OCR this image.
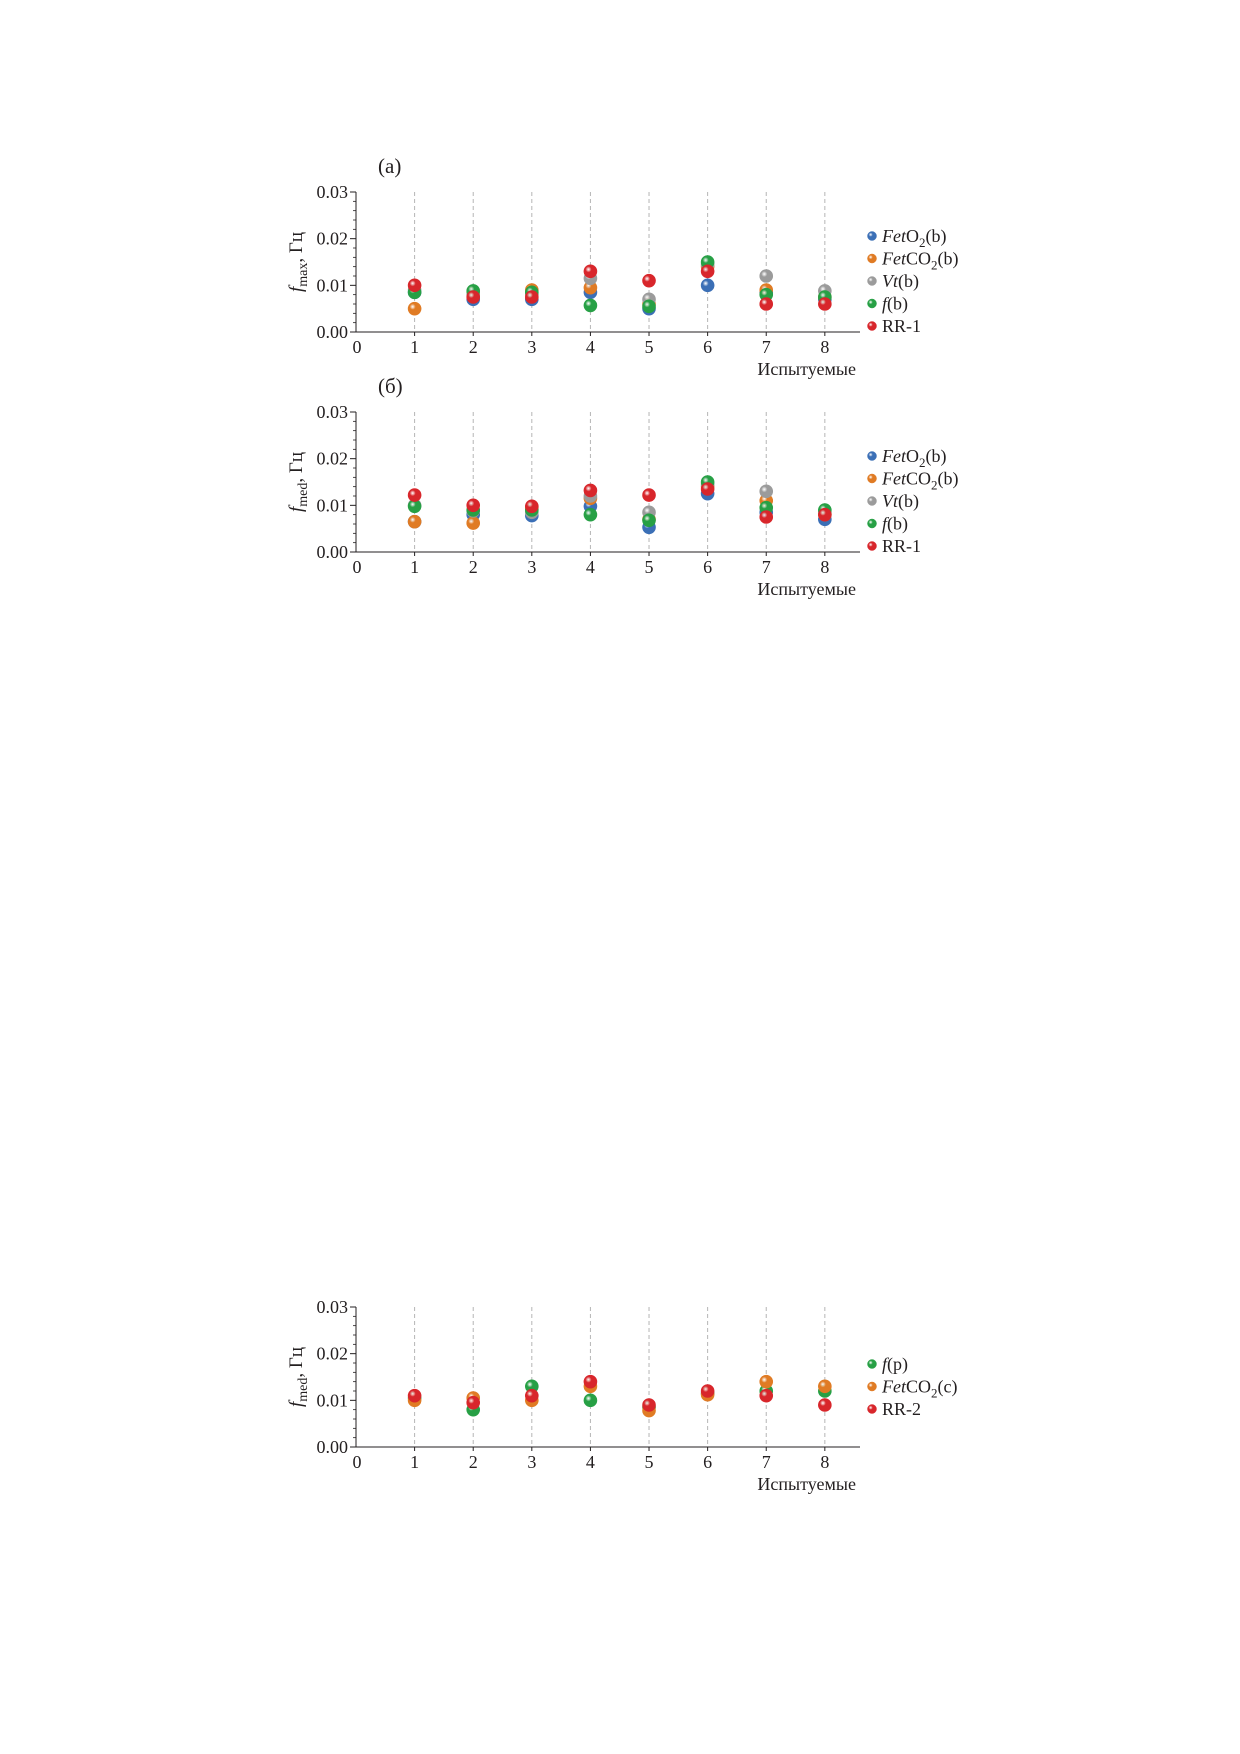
(а)
0.00
0.01
0.02
0.03
0	1	2	3	4	5	6	7	8
Испытуемые
$f_{max}$, Гц	FetO$_2$(b)
FetCO$_2$(b)
Vt(b)
f(b)
RR-1
(б)
0.00
0.01
0.02
0.03
0	1	2	3	4	5	6	7	8
Испытуемые
$f_{med}$, Гц	FetO$_2$(b)
FetCO$_2$(b)
Vt(b)
f(b)
RR-1
0.00
0.01
0.02
0.03
0	1	2	3	4	5	6	7	8
Испытуемые
$f_{med}$, Гц	f(p)
FetCO$_2$(c)
RR-2
